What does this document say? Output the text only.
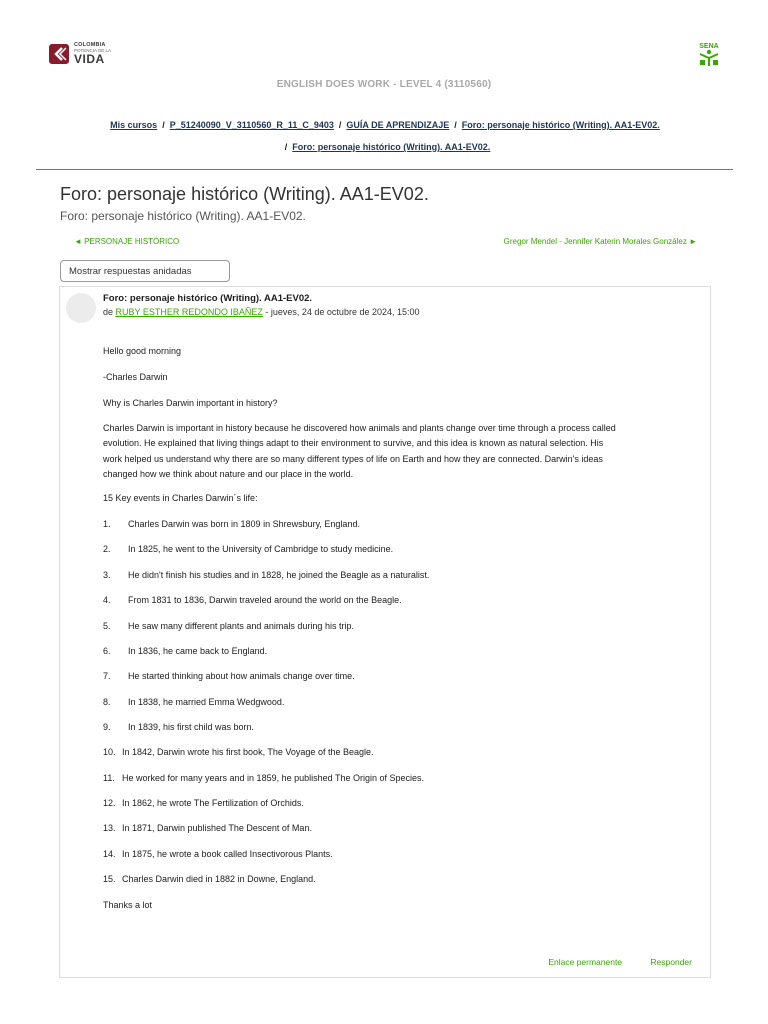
COLOMBIA
POTENCIA DE LA
VIDA
SENA
ENGLISH DOES WORK - LEVEL 4 (3110560)
Mis cursos / P_51240090_V_3110560_R_11_C_9403 / GUÍA DE APRENDIZAJE / Foro: personaje histórico (Writing). AA1-EV02.
/ Foro: personaje histórico (Writing). AA1-EV02.
Foro: personaje histórico (Writing). AA1-EV02.
Foro: personaje histórico (Writing). AA1-EV02.
◄ PERSONAJE HISTÓRICO	Gregor Mendel - Jennifer Katerin Morales González ►
Mostrar respuestas anidadas
Foro: personaje histórico (Writing). AA1-EV02.
de RUBY ESTHER REDONDO IBAÑEZ - jueves, 24 de octubre de 2024, 15:00
Hello good morning
-Charles Darwin
Why is Charles Darwin important in history?
Charles Darwin is important in history because he discovered how animals and plants change over time through a process called
evolution. He explained that living things adapt to their environment to survive, and this idea is known as natural selection. His
work helped us understand why there are so many different types of life on Earth and how they are connected. Darwin's ideas
changed how we think about nature and our place in the world.
15 Key events in Charles Darwin´s life:
1. Charles Darwin was born in 1809 in Shrewsbury, England.
2. In 1825, he went to the University of Cambridge to study medicine.
3. He didn't finish his studies and in 1828, he joined the Beagle as a naturalist.
4. From 1831 to 1836, Darwin traveled around the world on the Beagle.
5. He saw many different plants and animals during his trip.
6. In 1836, he came back to England.
7. He started thinking about how animals change over time.
8. In 1838, he married Emma Wedgwood.
9. In 1839, his first child was born.
10. In 1842, Darwin wrote his first book, The Voyage of the Beagle.
11. He worked for many years and in 1859, he published The Origin of Species.
12. In 1862, he wrote The Fertilization of Orchids.
13. In 1871, Darwin published The Descent of Man.
14. In 1875, he wrote a book called Insectivorous Plants.
15. Charles Darwin died in 1882 in Downe, England.
Thanks a lot
Enlace permanente	Responder
